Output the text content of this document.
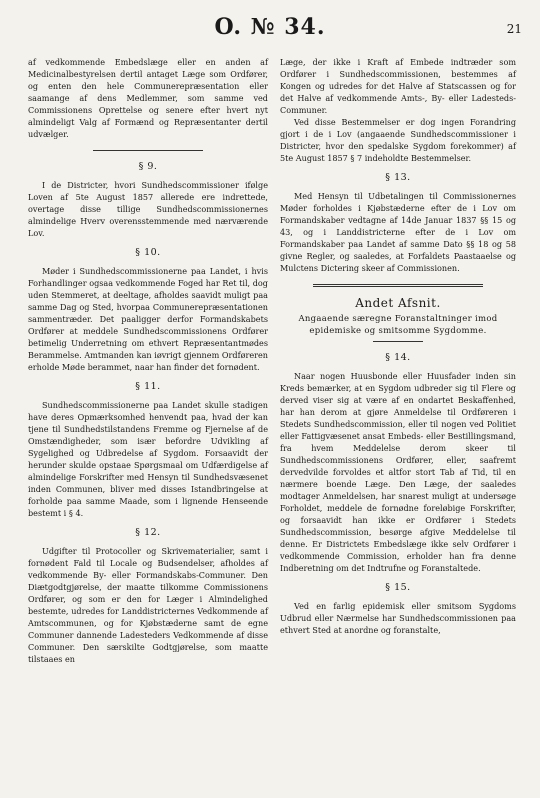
O. № 34.	21

af vedkommende Embedslæge eller en anden af Medicinalbestyrelsen dertil antaget Læge som Ordfører, og enten den hele Communerepræsentation eller saamange af dens Medlemmer, som samme ved Commissionens Oprettelse og senere efter hvert nyt almindeligt Valg af Formænd og Repræsentanter dertil udvælger.

§ 9.

I de Districter, hvori Sundhedscommissioner ifølge Loven af 5te August 1857 allerede ere indrettede, overtage disse tillige Sundhedscommissionernes almindelige Hverv overensstemmende med nærværende Lov.

§ 10.

Møder i Sundhedscommissionerne paa Landet, i hvis Forhandlinger ogsaa vedkommende Foged har Ret til, dog uden Stemmeret, at deeltage, afholdes saavidt muligt paa samme Dag og Sted, hvorpaa Communerepræsentationen sammentræder. Det paaligger derfor Formandskabets Ordfører at meddele Sundhedscommissionens Ordfører betimelig Underretning om ethvert Repræsentantmødes Berammelse. Amtmanden kan iøvrigt gjennem Ordføreren erholde Møde berammet, naar han finder det fornødent.

§ 11.

Sundhedscommissionerne paa Landet skulle stadigen have deres Opmærksomhed henvendt paa, hvad der kan tjene til Sundhedstilstandens Fremme og Fjernelse af de Omstændigheder, som især befordre Udvikling af Sygelighed og Udbredelse af Sygdom. Forsaavidt der herunder skulde opstaae Spørgsmaal om Udfærdigelse af almindelige Forskrifter med Hensyn til Sundhedsvæsenet inden Communen, bliver med disses Istandbringelse at forholde paa samme Maade, som i lignende Henseende bestemt i § 4.

§ 12.

Udgifter til Protocoller og Skrivematerialier, samt i fornødent Fald til Locale og Budsendelser, afholdes af vedkommende By- eller Formandskabs-Communer. Den Diætgodtgjørelse, der maatte tilkomme Commissionens Ordfører, og som er den for Læger i Almindelighed bestemte, udredes for Landdistricternes Vedkommende af Amtscommunen, og for Kjøbstæderne samt de egne Communer dannende Ladesteders Vedkommende af disse Communer. Den særskilte Godtgjørelse, som maatte tilstaaes en

Læge, der ikke i Kraft af Embede indtræder som Ordfører i Sundhedscommissionen, bestemmes af Kongen og udredes for det Halve af Statscassen og for det Halve af vedkommende Amts-, By- eller Ladesteds-Communer.

Ved disse Bestemmelser er dog ingen Forandring gjort i de i Lov (angaaende Sundhedscommissioner i Districter, hvor den spedalske Sygdom forekommer) af 5te August 1857 § 7 indeholdte Bestemmelser.

§ 13.

Med Hensyn til Udbetalingen til Commissionernes Møder forholdes i Kjøbstæderne efter de i Lov om Formandskaber vedtagne af 14de Januar 1837 §§ 15 og 43, og i Landdistricterne efter de i Lov om Formandskaber paa Landet af samme Dato §§ 18 og 58 givne Regler, og saaledes, at Forfaldets Paastaaelse og Mulctens Dictering skeer af Commissionen.

Andet Afsnit.
Angaaende særegne Foranstaltninger imod epidemiske og smitsomme Sygdomme.
§ 14.

Naar nogen Huusbonde eller Huusfader inden sin Kreds bemærker, at en Sygdom udbreder sig til Flere og derved viser sig at være af en ondartet Beskaffenhed, har han derom at gjøre Anmeldelse til Ordføreren i Stedets Sundhedscommission, eller til nogen ved Politiet eller Fattigvæsenet ansat Embeds- eller Bestillingsmand, fra hvem Meddelelse derom skeer til Sundhedscommissionens Ordfører, eller, saafremt dervedvilde forvoldes et altfor stort Tab af Tid, til en nærmere boende Læge. Den Læge, der saaledes modtager Anmeldelsen, har snarest muligt at undersøge Forholdet, meddele de fornødne foreløbige Forskrifter, og forsaavidt han ikke er Ordfører i Stedets Sundhedscommission, besørge afgive Meddelelse til denne. Er Districtets Embedslæge ikke selv Ordfører i vedkommende Commission, erholder han fra denne Indberetning om det Indtrufne og Foranstaltede.

§ 15.

Ved en farlig epidemisk eller smitsom Sygdoms Udbrud eller Nærmelse har Sundhedscommissionen paa ethvert Sted at anordne og foranstalte,
